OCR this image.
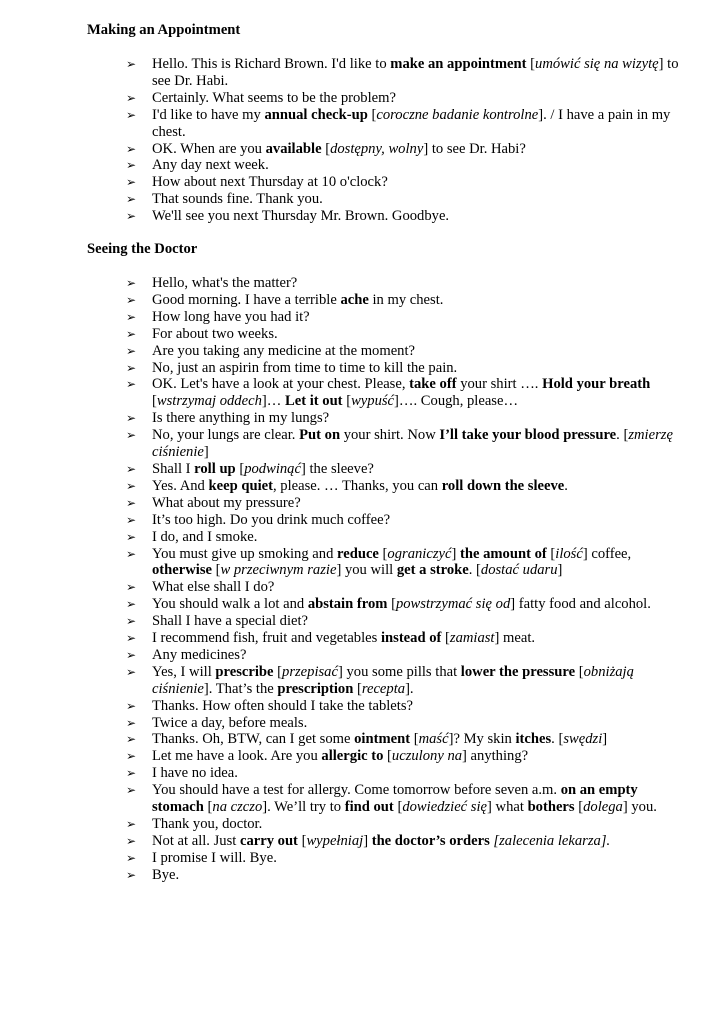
Making an Appointment

➢ Hello. This is Richard Brown. I'd like to make an appointment [umówić się na wizytę] to see Dr. Habi.
➢ Certainly. What seems to be the problem?
➢ I'd like to have my annual check-up [coroczne badanie kontrolne]. / I have a pain in my chest.
➢ OK. When are you available [dostępny, wolny] to see Dr. Habi?
➢ Any day next week.
➢ How about next Thursday at 10 o'clock?
➢ That sounds fine. Thank you.
➢ We'll see you next Thursday Mr. Brown. Goodbye.

Seeing the Doctor

➢ Hello, what's the matter?
➢ Good morning. I have a terrible ache in my chest.
➢ How long have you had it?
➢ For about two weeks.
➢ Are you taking any medicine at the moment?
➢ No, just an aspirin from time to time to kill the pain.
➢ OK. Let's have a look at your chest. Please, take off your shirt …. Hold your breath [wstrzymaj oddech]… Let it out [wypuść]…. Cough, please…
➢ Is there anything in my lungs?
➢ No, your lungs are clear. Put on your shirt. Now I’ll take your blood pressure. [zmierzę ciśnienie]
➢ Shall I roll up [podwinąć] the sleeve?
➢ Yes. And keep quiet, please. … Thanks, you can roll down the sleeve.
➢ What about my pressure?
➢ It’s too high. Do you drink much coffee?
➢ I do, and I smoke.
➢ You must give up smoking and reduce [ograniczyć] the amount of [ilość] coffee, otherwise [w przeciwnym razie] you will get a stroke. [dostać udaru]
➢ What else shall I do?
➢ You should walk a lot and abstain from [powstrzymać się od] fatty food and alcohol.
➢ Shall I have a special diet?
➢ I recommend fish, fruit and vegetables instead of [zamiast] meat.
➢ Any medicines?
➢ Yes, I will prescribe [przepisać] you some pills that lower the pressure [obniżają ciśnienie]. That’s the prescription [recepta].
➢ Thanks. How often should I take the tablets?
➢ Twice a day, before meals.
➢ Thanks. Oh, BTW, can I get some ointment [maść]? My skin itches. [swędzi]
➢ Let me have a look. Are you allergic to [uczulony na] anything?
➢ I have no idea.
➢ You should have a test for allergy. Come tomorrow before seven a.m. on an empty stomach [na czczo]. We’ll try to find out [dowiedzieć się] what bothers [dolega] you.
➢ Thank you, doctor.
➢ Not at all. Just carry out [wypełniaj] the doctor’s orders [zalecenia lekarza].
➢ I promise I will. Bye.
➢ Bye.
